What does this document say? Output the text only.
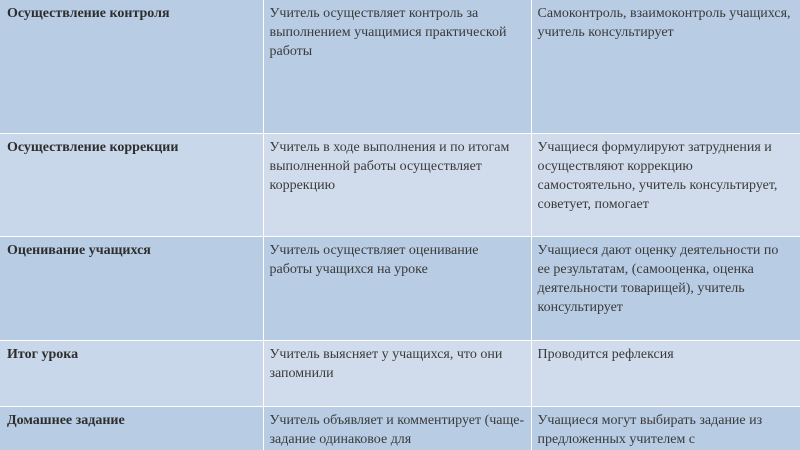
Осуществление контроля	Учитель осуществляет контроль за выполнением учащимися практической работы	Самоконтроль, взаимоконтроль учащихся, учитель консультирует
Осуществление коррекции	Учитель в ходе выполнения и по итогам выполненной работы осуществляет коррекцию	Учащиеся формулируют затруднения и осуществляют коррекцию самостоятельно, учитель консультирует, советует, помогает
Оценивание учащихся	Учитель осуществляет оценивание работы учащихся на уроке	Учащиеся дают оценку деятельности по ее результатам, (самооценка, оценка деятельности товарищей), учитель консультирует
Итог урока	Учитель выясняет у учащихся, что они запомнили	Проводится рефлексия
Домашнее задание	Учитель объявляет и комментирует (чаще- задание одинаковое для	Учащиеся могут выбирать задание из предложенных учителем с
